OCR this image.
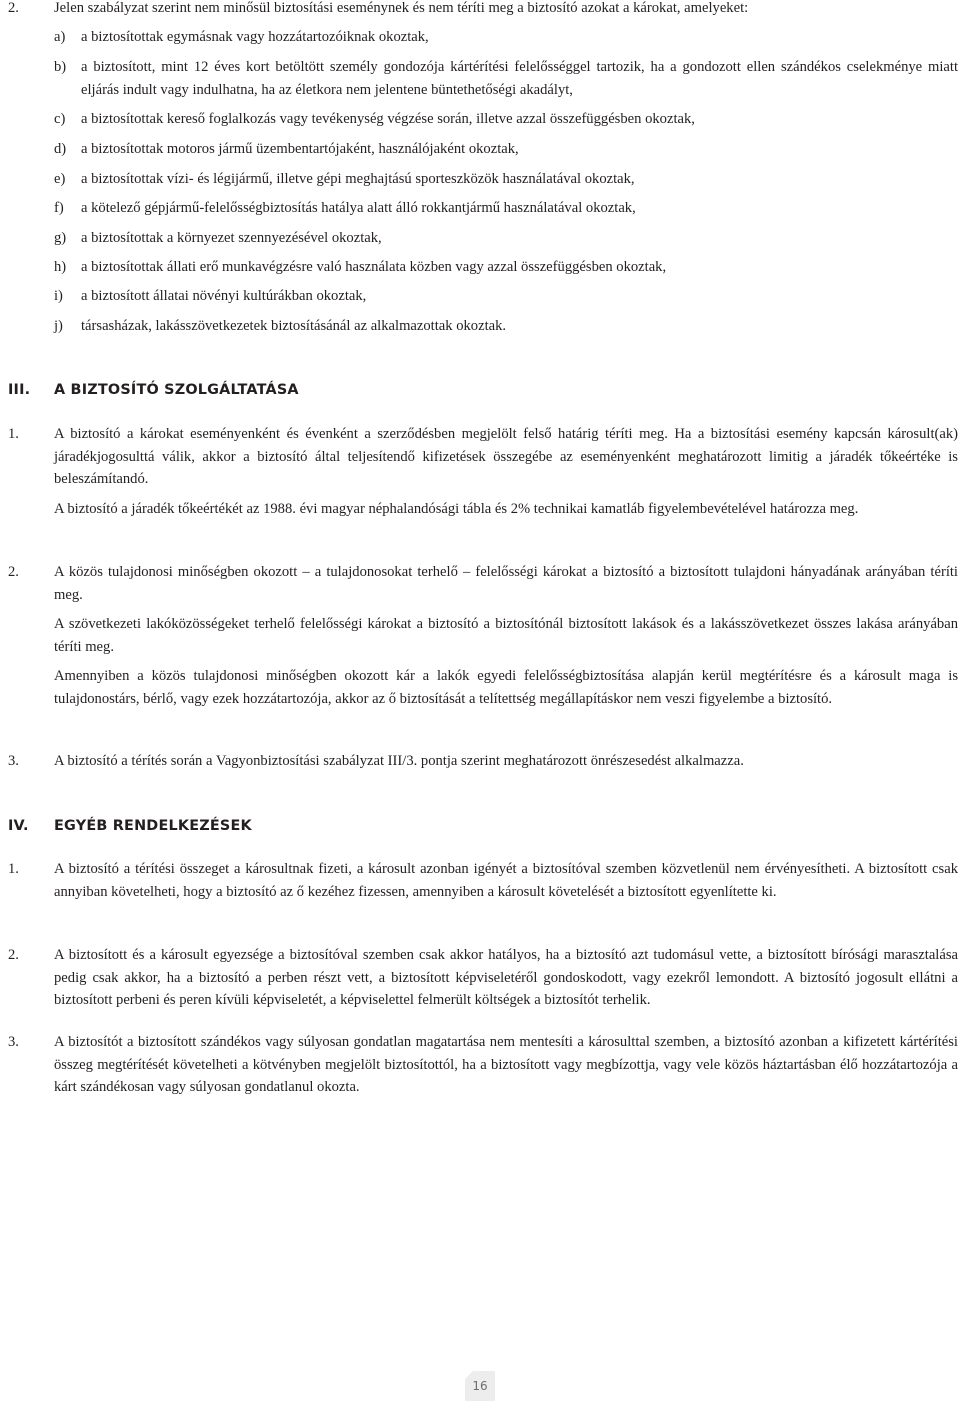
2. Jelen szabályzat szerint nem minősül biztosítási eseménynek és nem téríti meg a biztosító azokat a károkat, amelyeket:

a) a biztosítottak egymásnak vagy hozzátartozóiknak okoztak,

b) a biztosított, mint 12 éves kort betöltött személy gondozója kártérítési felelősséggel tartozik, ha a gondozott ellen szándékos cselekménye miatt eljárás indult vagy indulhatna, ha az életkora nem jelentene büntethetőségi akadályt,

c) a biztosítottak kereső foglalkozás vagy tevékenység végzése során, illetve azzal összefüggésben okoztak,

d) a biztosítottak motoros jármű üzembentartójaként, használójaként okoztak,

e) a biztosítottak vízi- és légijármű, illetve gépi meghajtású sporteszközök használatával okoztak,

f) a kötelező gépjármű-felelősségbiztosítás hatálya alatt álló rokkantjármű használatával okoztak,

g) a biztosítottak a környezet szennyezésével okoztak,

h) a biztosítottak állati erő munkavégzésre való használata közben vagy azzal összefüggésben okoztak,

i) a biztosított állatai növényi kultúrákban okoztak,

j) társasházak, lakásszövetkezetek biztosításánál az alkalmazottak okoztak.

III. A BIZTOSÍTÓ SZOLGÁLTATÁSA
1. A biztosító a károkat eseményenként és évenként a szerződésben megjelölt felső határig téríti meg. Ha a biztosítási esemény kapcsán károsult(ak) járadékjogosulttá válik, akkor a biztosító által teljesítendő kifizetések összegébe az eseményenként meghatározott limitig a járadék tőkeértéke is beleszámítandó.

A biztosító a járadék tőkeértékét az 1988. évi magyar néphalandósági tábla és 2% technikai kamatláb figyelembevételével határozza meg.

2. A közös tulajdonosi minőségben okozott – a tulajdonosokat terhelő – felelősségi károkat a biztosító a biztosított tulajdoni hányadának arányában téríti meg.

A szövetkezeti lakóközösségeket terhelő felelősségi károkat a biztosító a biztosítónál biztosított lakások és a lakásszövetkezet összes lakása arányában téríti meg.

Amennyiben a közös tulajdonosi minőségben okozott kár a lakók egyedi felelősségbiztosítása alapján kerül megtérítésre és a károsult maga is tulajdonostárs, bérlő, vagy ezek hozzátartozója, akkor az ő biztosítását a telítettség megállapításkor nem veszi figyelembe a biztosító.

3. A biztosító a térítés során a Vagyonbiztosítási szabályzat III/3. pontja szerint meghatározott önrészesedést alkalmazza.

IV. EGYÉB RENDELKEZÉSEK
1. A biztosító a térítési összeget a károsultnak fizeti, a károsult azonban igényét a biztosítóval szemben közvetlenül nem érvényesítheti. A biztosított csak annyiban követelheti, hogy a biztosító az ő kezéhez fizessen, amennyiben a károsult követelését a biztosított egyenlítette ki.

2. A biztosított és a károsult egyezsége a biztosítóval szemben csak akkor hatályos, ha a biztosító azt tudomásul vette, a biztosított bírósági marasztalása pedig csak akkor, ha a biztosító a perben részt vett, a biztosított képviseletéről gondoskodott, vagy ezekről lemondott. A biztosító jogosult ellátni a biztosított perbeni és peren kívüli képviseletét, a képviselettel felmerült költségek a biztosítót terhelik.

3. A biztosítót a biztosított szándékos vagy súlyosan gondatlan magatartása nem mentesíti a károsulttal szemben, a biztosító azonban a kifizetett kártérítési összeg megtérítését követelheti a kötvényben megjelölt biztosítottól, ha a biztosított vagy megbízottja, vagy vele közös háztartásban élő hozzátartozója a kárt szándékosan vagy súlyosan gondatlanul okozta.

16
